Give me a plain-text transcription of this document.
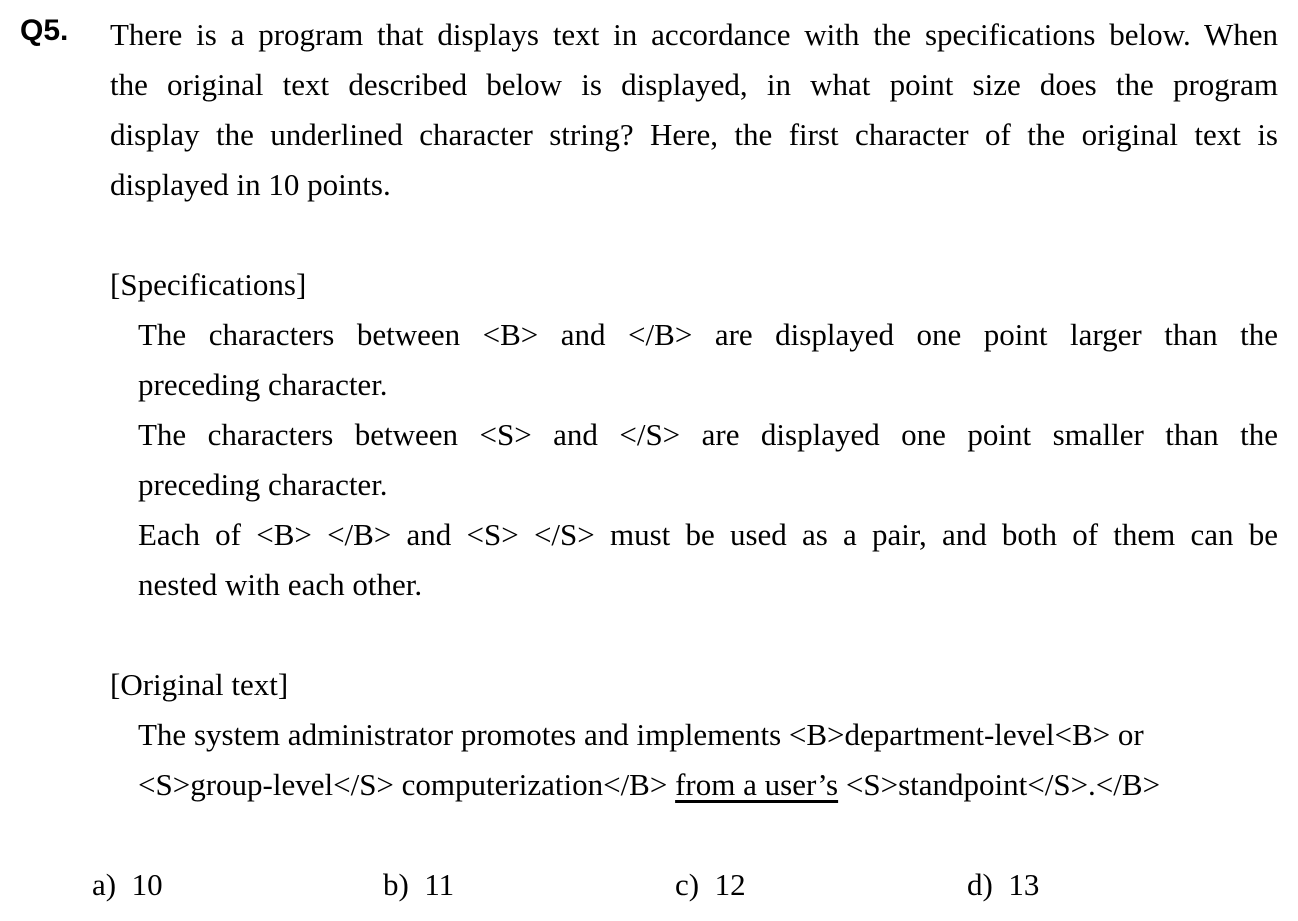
Q5. There is a program that displays text in accordance with the specifications below. When
the original text described below is displayed, in what point size does the program
display the underlined character string? Here, the first character of the original text is
displayed in 10 points.
[Specifications]
The characters between <B> and </B> are displayed one point larger than the
preceding character.
The characters between <S> and </S> are displayed one point smaller than the
preceding character.
Each of <B> </B> and <S> </S> must be used as a pair, and both of them can be
nested with each other.
[Original text]
The system administrator promotes and implements <B>department-level<B> or
<S>group-level</S> computerization</B> from a user’s <S>standpoint</S>.</B>
a) 10	b) 11	c) 12	d) 13
